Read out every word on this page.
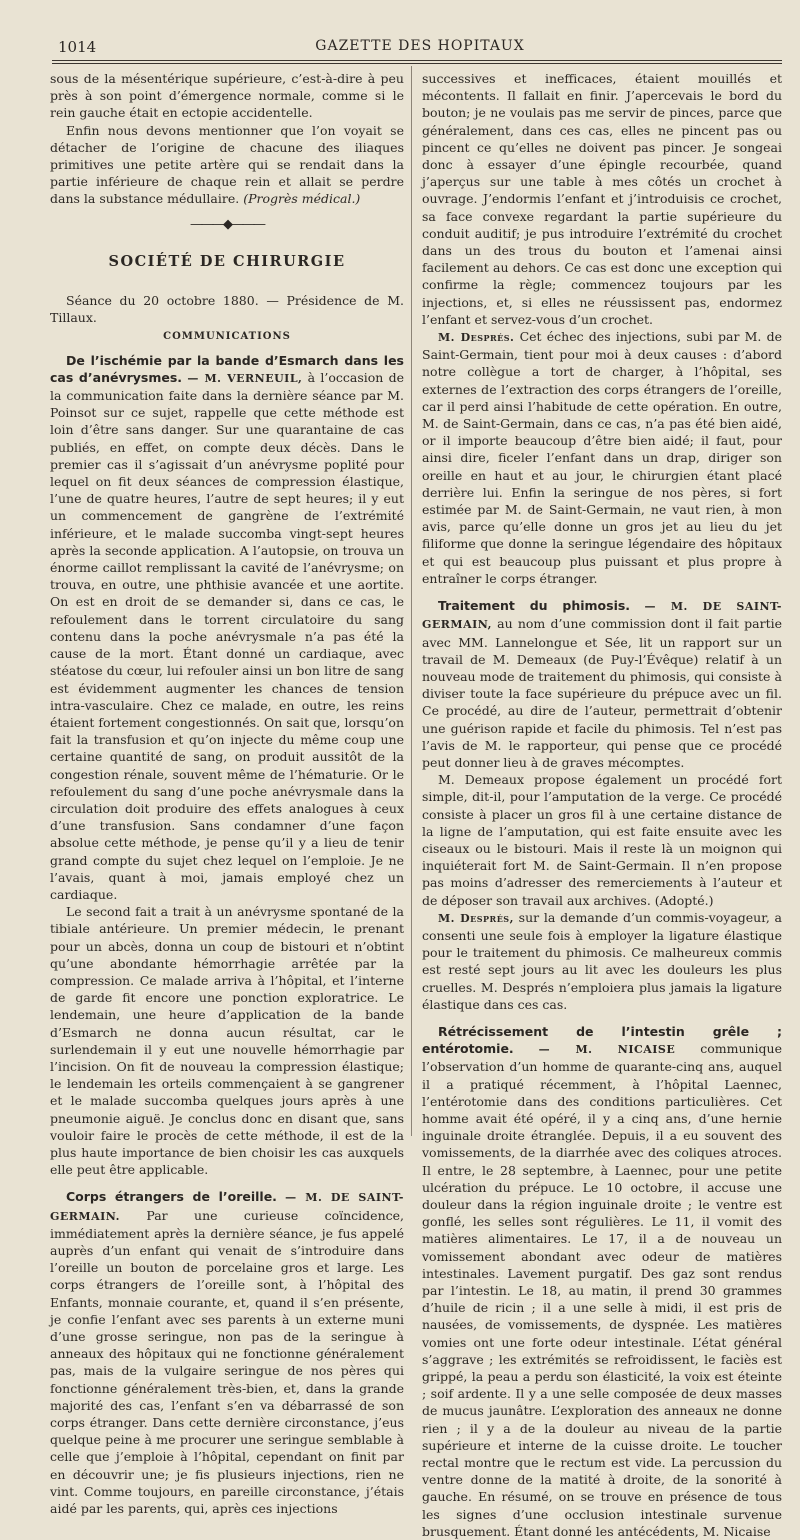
1014	GAZETTE DES HOPITAUX

sous de la mésentérique supérieure, c’est-à-dire à peu près à son point d’émergence normale, comme si le rein gauche était en ectopie accidentelle.

Enfin nous devons mentionner que l’on voyait se détacher de l’origine de chacune des iliaques primitives une petite artère qui se rendait dans la partie inférieure de chaque rein et allait se perdre dans la substance médullaire. (Progrès médical.)

———◆———
SOCIÉTÉ DE CHIRURGIE

Séance du 20 octobre 1880. — Présidence de M. Tillaux.

COMMUNICATIONS

De l’ischémie par la bande d’Esmarch dans les cas d’anévrysmes. — M. VERNEUIL, à l’occasion de la communication faite dans la dernière séance par M. Poinsot sur ce sujet, rappelle que cette méthode est loin d’être sans danger. Sur une quarantaine de cas publiés, en effet, on compte deux décès. Dans le premier cas il s’agissait d’un anévrysme poplité pour lequel on fit deux séances de compression élastique, l’une de quatre heures, l’autre de sept heures; il y eut un commencement de gangrène de l’extrémité inférieure, et le malade succomba vingt-sept heures après la seconde application. A l’autopsie, on trouva un énorme caillot remplissant la cavité de l’anévrysme; on trouva, en outre, une phthisie avancée et une aortite. On est en droit de se demander si, dans ce cas, le refoulement dans le torrent circulatoire du sang contenu dans la poche anévrysmale n’a pas été la cause de la mort. Étant donné un cardiaque, avec stéatose du cœur, lui refouler ainsi un bon litre de sang est évidemment augmenter les chances de tension intra-vasculaire. Chez ce malade, en outre, les reins étaient fortement congestionnés. On sait que, lorsqu’on fait la transfusion et qu’on injecte du même coup une certaine quantité de sang, on produit aussitôt de la congestion rénale, souvent même de l’hématurie. Or le refoulement du sang d’une poche anévrysmale dans la circulation doit produire des effets analogues à ceux d’une transfusion. Sans condamner d’une façon absolue cette méthode, je pense qu’il y a lieu de tenir grand compte du sujet chez lequel on l’emploie. Je ne l’avais, quant à moi, jamais employé chez un cardiaque.

Le second fait a trait à un anévrysme spontané de la tibiale antérieure. Un premier médecin, le prenant pour un abcès, donna un coup de bistouri et n’obtint qu’une abondante hémorrhagie arrêtée par la compression. Ce malade arriva à l’hôpital, et l’interne de garde fit encore une ponction exploratrice. Le lendemain, une heure d’application de la bande d’Esmarch ne donna aucun résultat, car le surlendemain il y eut une nouvelle hémorrhagie par l’incision. On fit de nouveau la compression élastique; le lendemain les orteils commençaient à se gangrener et le malade succomba quelques jours après à une pneumonie aiguë. Je conclus donc en disant que, sans vouloir faire le procès de cette méthode, il est de la plus haute importance de bien choisir les cas auxquels elle peut être applicable.

Corps étrangers de l’oreille. — M. DE SAINT-GERMAIN. Par une curieuse coïncidence, immédiatement après la dernière séance, je fus appelé auprès d’un enfant qui venait de s’introduire dans l’oreille un bouton de porcelaine gros et large. Les corps étrangers de l’oreille sont, à l’hôpital des Enfants, monnaie courante, et, quand il s’en présente, je confie l’enfant avec ses parents à un externe muni d’une grosse seringue, non pas de la seringue à anneaux des hôpitaux qui ne fonctionne généralement pas, mais de la vulgaire seringue de nos pères qui fonctionne généralement très-bien, et, dans la grande majorité des cas, l’enfant s’en va débarrassé de son corps étranger. Dans cette dernière circonstance, j’eus quelque peine à me procurer une seringue semblable à celle que j’emploie à l’hôpital, cependant on finit par en découvrir une; je fis plusieurs injections, rien ne vint. Comme toujours, en pareille circonstance, j’étais aidé par les parents, qui, après ces injections

successives et inefficaces, étaient mouillés et mécontents. Il fallait en finir. J’apercevais le bord du bouton; je ne voulais pas me servir de pinces, parce que généralement, dans ces cas, elles ne pincent pas ou pincent ce qu’elles ne doivent pas pincer. Je songeai donc à essayer d’une épingle recourbée, quand j’aperçus sur une table à mes côtés un crochet à ouvrage. J’endormis l’enfant et j’introduisis ce crochet, sa face convexe regardant la partie supérieure du conduit auditif; je pus introduire l’extrémité du crochet dans un des trous du bouton et l’amenai ainsi facilement au dehors. Ce cas est donc une exception qui confirme la règle; commencez toujours par les injections, et, si elles ne réussissent pas, endormez l’enfant et servez-vous d’un crochet.

M. Després. Cet échec des injections, subi par M. de Saint-Germain, tient pour moi à deux causes : d’abord notre collègue a tort de charger, à l’hôpital, ses externes de l’extraction des corps étrangers de l’oreille, car il perd ainsi l’habitude de cette opération. En outre, M. de Saint-Germain, dans ce cas, n’a pas été bien aidé, or il importe beaucoup d’être bien aidé; il faut, pour ainsi dire, ficeler l’enfant dans un drap, diriger son oreille en haut et au jour, le chirurgien étant placé derrière lui. Enfin la seringue de nos pères, si fort estimée par M. de Saint-Germain, ne vaut rien, à mon avis, parce qu’elle donne un gros jet au lieu du jet filiforme que donne la seringue légendaire des hôpitaux et qui est beaucoup plus puissant et plus propre à entraîner le corps étranger.

Traitement du phimosis. — M. DE SAINT-GERMAIN, au nom d’une commission dont il fait partie avec MM. Lannelongue et Sée, lit un rapport sur un travail de M. Demeaux (de Puy-l’Évêque) relatif à un nouveau mode de traitement du phimosis, qui consiste à diviser toute la face supérieure du prépuce avec un fil. Ce procédé, au dire de l’auteur, permettrait d’obtenir une guérison rapide et facile du phimosis. Tel n’est pas l’avis de M. le rapporteur, qui pense que ce procédé peut donner lieu à de graves mécomptes.

M. Demeaux propose également un procédé fort simple, dit-il, pour l’amputation de la verge. Ce procédé consiste à placer un gros fil à une certaine distance de la ligne de l’amputation, qui est faite ensuite avec les ciseaux ou le bistouri. Mais il reste là un moignon qui inquiéterait fort M. de Saint-Germain. Il n’en propose pas moins d’adresser des remerciements à l’auteur et de déposer son travail aux archives. (Adopté.)

M. Després, sur la demande d’un commis-voyageur, a consenti une seule fois à employer la ligature élastique pour le traitement du phimosis. Ce malheureux commis est resté sept jours au lit avec les douleurs les plus cruelles. M. Després n’emploiera plus jamais la ligature élastique dans ces cas.

Rétrécissement de l’intestin grêle ; entérotomie. — M. NICAISE communique l’observation d’un homme de quarante-cinq ans, auquel il a pratiqué récemment, à l’hôpital Laennec, l’entérotomie dans des conditions particulières. Cet homme avait été opéré, il y a cinq ans, d’une hernie inguinale droite étranglée. Depuis, il a eu souvent des vomissements, de la diarrhée avec des coliques atroces. Il entre, le 28 septembre, à Laennec, pour une petite ulcération du prépuce. Le 10 octobre, il accuse une douleur dans la région inguinale droite ; le ventre est gonflé, les selles sont régulières. Le 11, il vomit des matières alimentaires. Le 17, il a de nouveau un vomissement abondant avec odeur de matières intestinales. Lavement purgatif. Des gaz sont rendus par l’intestin. Le 18, au matin, il prend 30 grammes d’huile de ricin ; il a une selle à midi, il est pris de nausées, de vomissements, de dyspnée. Les matières vomies ont une forte odeur intestinale. L’état général s’aggrave ; les extrémités se refroidissent, le faciès est grippé, la peau a perdu son élasticité, la voix est éteinte ; soif ardente. Il y a une selle composée de deux masses de mucus jaunâtre. L’exploration des anneaux ne donne rien ; il y a de la douleur au niveau de la partie supérieure et interne de la cuisse droite. Le toucher rectal montre que le rectum est vide. La percussion du ventre donne de la matité à droite, de la sonorité à gauche. En résumé, on se trouve en présence de tous les signes d’une occlusion intestinale survenue brusquement. Étant donné les antécédents, M. Nicaise
